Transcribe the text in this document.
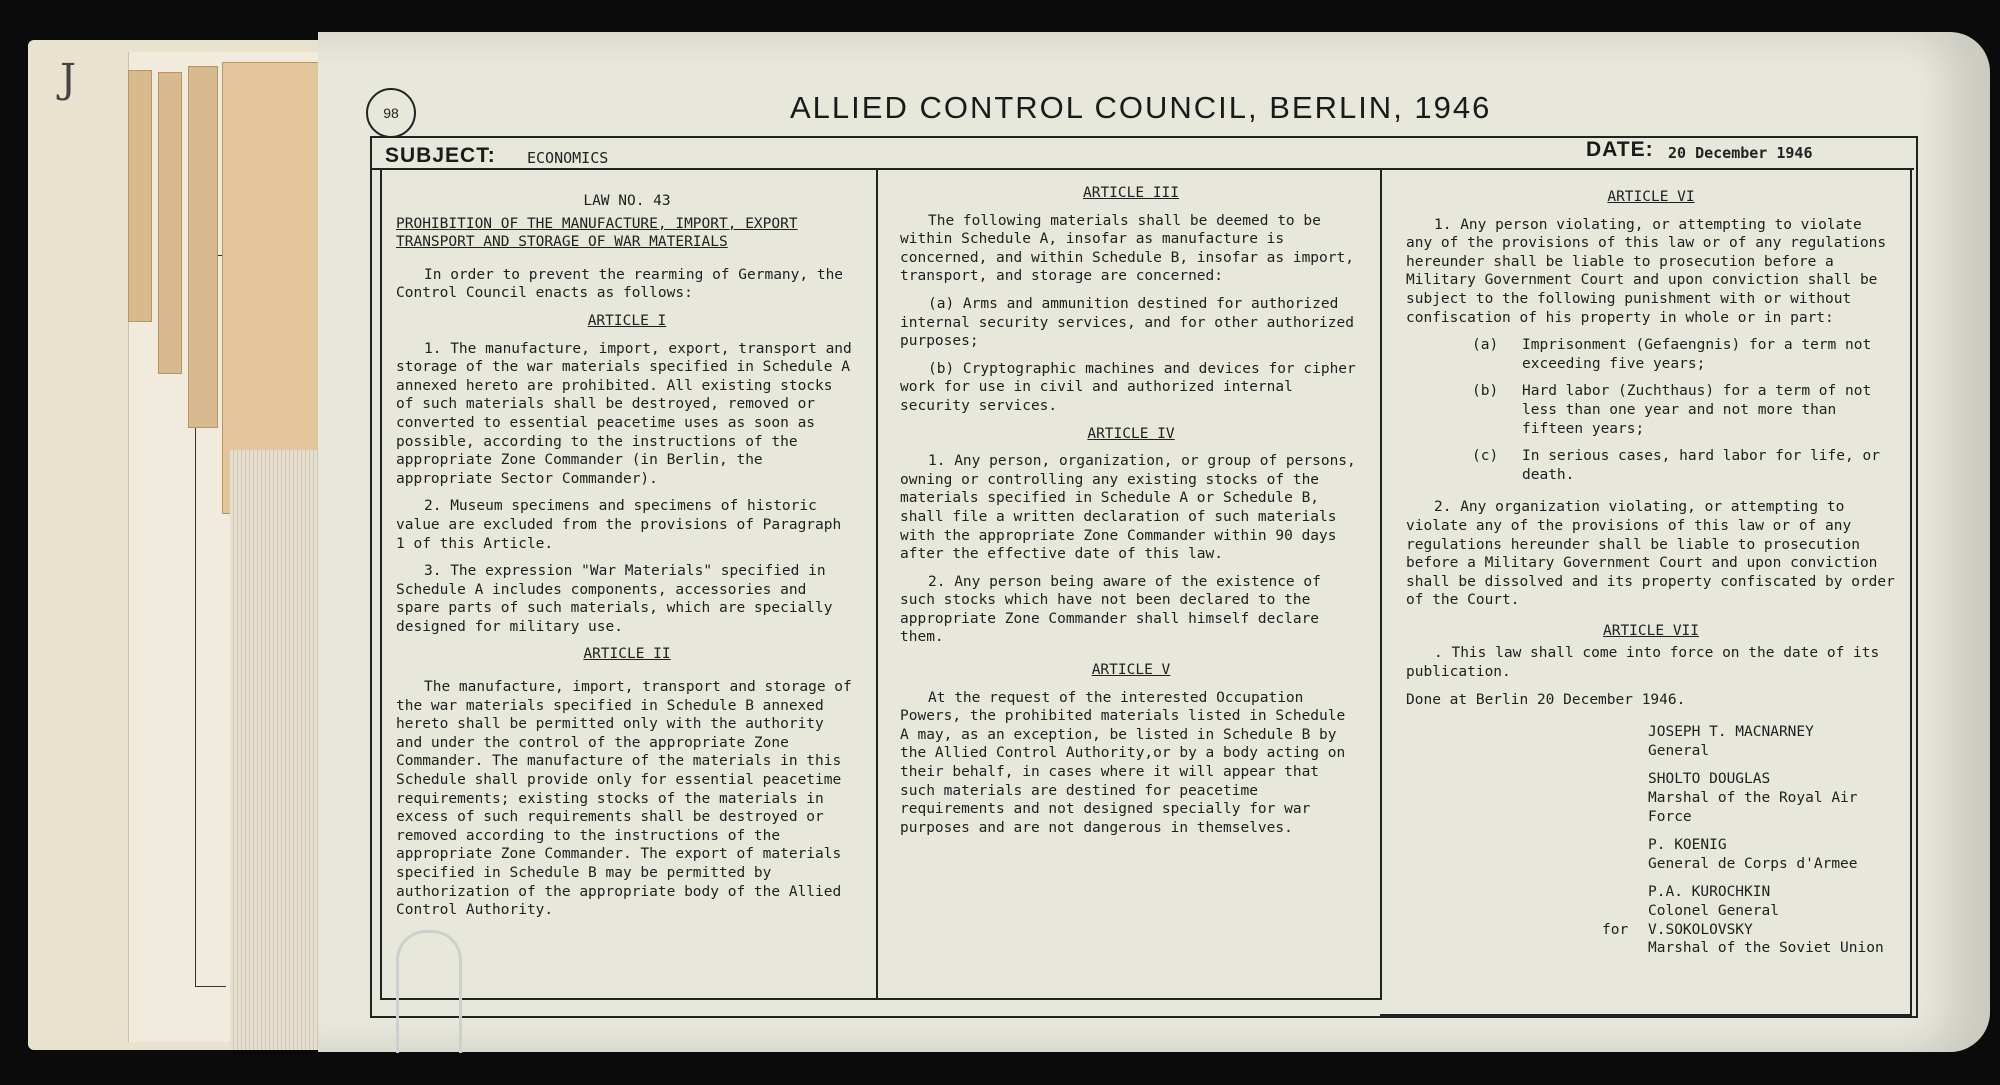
J
98	ALLIED CONTROL COUNCIL, BERLIN, 1946
SUBJECT: ECONOMICS	DATE: 20 December 1946

LAW NO. 43

PROHIBITION OF THE MANUFACTURE, IMPORT, EXPORT

TRANSPORT AND STORAGE OF WAR MATERIALS

In order to prevent the rearming of Germany, the Control Council enacts as follows:

ARTICLE I

1. The manufacture, import, export, transport and storage of the war materials specified in Schedule A annexed hereto are prohibited. All existing stocks of such materials shall be destroyed, removed or converted to essential peacetime uses as soon as possible, according to the instructions of the appropriate Zone Commander (in Berlin, the appropriate Sector Commander).

2. Museum specimens and specimens of historic value are excluded from the provisions of Paragraph 1 of this Article.

3. The expression "War Materials" specified in Schedule A includes components, accessories and spare parts of such materials, which are specially designed for military use.

ARTICLE II

The manufacture, import, transport and storage of the war materials specified in Schedule B annexed hereto shall be permitted only with the authority and under the control of the appropriate Zone Commander. The manufacture of the materials in this Schedule shall provide only for essential peacetime requirements; existing stocks of the materials in excess of such requirements shall be destroyed or removed according to the instructions of the appropriate Zone Commander. The export of materials specified in Schedule B may be permitted by authorization of the appropriate body of the Allied Control Authority.

ARTICLE III

The following materials shall be deemed to be within Schedule A, insofar as manufacture is concerned, and within Schedule B, insofar as import, transport, and storage are concerned:

(a) Arms and ammunition destined for authorized internal security services, and for other authorized purposes;

(b) Cryptographic machines and devices for cipher work for use in civil and authorized internal security services.

ARTICLE IV

1. Any person, organization, or group of persons, owning or controlling any existing stocks of the materials specified in Schedule A or Schedule B, shall file a written declaration of such materials with the appropriate Zone Commander within 90 days after the effective date of this law.

2. Any person being aware of the existence of such stocks which have not been declared to the appropriate Zone Commander shall himself declare them.

ARTICLE V

At the request of the interested Occupation Powers, the prohibited materials listed in Schedule A may, as an exception, be listed in Schedule B by the Allied Control Authority,or by a body acting on their behalf, in cases where it will appear that such materials are destined for peacetime requirements and not designed specially for war purposes and are not dangerous in themselves.

ARTICLE VI

1. Any person violating, or attempting to violate any of the provisions of this law or of any regulations hereunder shall be liable to prosecution before a Military Government Court and upon conviction shall be subject to the following punishment with or without confiscation of his property in whole or in part:

(a)	Imprisonment (Gefaengnis) for a term not exceeding five years;
(b)	Hard labor (Zuchthaus) for a term of not less than one year and not more than fifteen years;
(c)	In serious cases, hard labor for life, or death.

2. Any organization violating, or attempting to violate any of the provisions of this law or of any regulations hereunder shall be liable to prosecution before a Military Government Court and upon conviction shall be dissolved and its property confiscated by order of the Court.

ARTICLE VII

. This law shall come into force on the date of its publication.

Done at Berlin 20 December 1946.

JOSEPH T. MACNARNEY
General
SHOLTO DOUGLAS
Marshal of the Royal Air Force
P. KOENIG
General de Corps d'Armee
P.A. KUROCHKIN
Colonel General
for V.SOKOLOVSKY
Marshal of the Soviet Union
